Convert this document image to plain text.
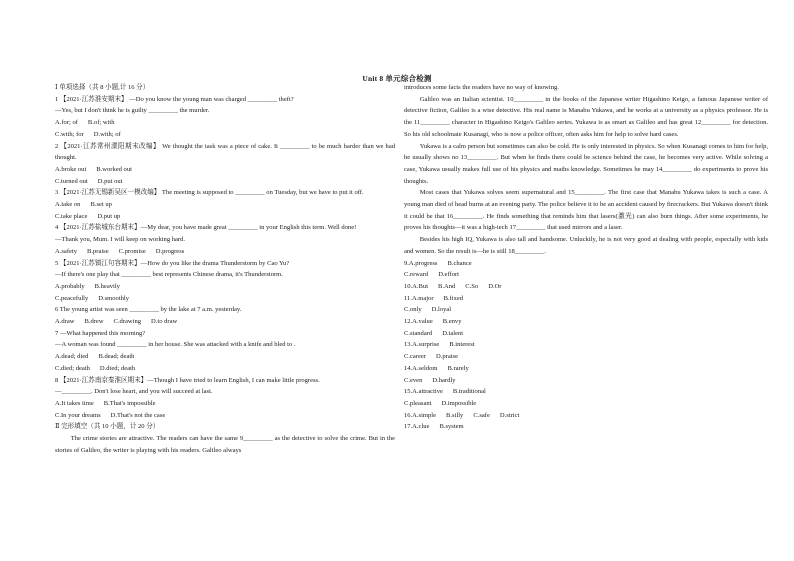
Unit 8 单元综合检测

Ⅰ 单项选择（共 8 小题,计 16 分）

1 【2021·江苏淮安期末】 —Do you know the young man was charged _________ theft?

—Yes, but I don't think he is guilty _________ the murder.

A.for; of B.of; with

C.with; for D.with; of

2 【2021·江苏常州溧阳期末改编】 We thought the task was a piece of cake. It _________ to be much harder than we had thought.

A.broke out B.worked out

C.turned out D.put out

3 【2021·江苏无锡新吴区一模改编】 The meeting is supposed to _________ on Tuesday, but we have to put it off.

A.take on B.set up

C.take place D.put up

4 【2021·江苏盐城东台期末】—My dear, you have made great _________ in your English this term. Well done!

—Thank you, Mum. I will keep on working hard.

A.safety B.praise C.promise D.progress

5 【2021·江苏镇江句容期末】—How do you like the drama Thunderstorm by Cao Yu?

—If there's one play that _________ best represents Chinese drama, it's Thunderstorm.

A.probably B.heavily

C.peacefully D.smoothly

6 The young artist was seen _________ by the lake at 7 a.m. yesterday.

A.draw B.drew C.drawing D.to draw

7 —What happened this morning?

—A woman was found _________ in her house. She was attacked with a knife and bled to .

A.dead; died B.dead; death

C.died; death D.died; death

8 【2021·江苏南京秦淮区期末】—Though I have tried to learn English, I can make little progress.

—_________. Don't lose heart, and you will succeed at last.

A.It takes time B.That's impossible

C.In your dreams D.That's not the case

Ⅱ 完形填空（共 10 小题，计 20 分）

The crime stories are attractive. The readers can have the same 9_________ as the detective to solve the crime. But in the stories of Galileo, the writer is playing with his readers. Galileo always

introduces some facts the readers have no way of knowing.

Galileo was an Italian scientist. 10_________ in the books of the Japanese writer Higashino Keigo, a famous Japanese writer of detective fiction, Galileo is a wise detective. His real name is Manabu Yukawa, and he works at a university as a physics professor. He is the 11_________ character in Higashino Keigo's Galileo series. Yukawa is as smart as Galileo and has great 12_________ for detection. So his old schoolmate Kusanagi, who is now a police officer, often asks him for help to solve hard cases.

Yukawa is a calm person but sometimes can also be cold. He is only interested in physics. So when Kusanagi comes to him for help, he usually shows no 13_________. But when he finds there could be science behind the case, he becomes very active. While solving a case, Yukawa usually makes full use of his physics and maths knowledge. Sometimes he may 14_________ do experiments to prove his thoughts.

Most cases that Yukawa solves seem supernatural and 15_________. The first case that Manabu Yukawa takes is such a case. A young man died of head burns at an evening party. The police believe it to be an accident caused by firecrackers. But Yukawa doesn't think it could be that 16_________. He finds something that reminds him that lasers(激光) can also burn things. After some experiments, he proves his thoughts—it was a high-tech 17_________ that used mirrors and a laser.

Besides his high IQ, Yukawa is also tall and handsome. Unluckily, he is not very good at dealing with people, especially with kids and women. So the result is—he is still 18_________.

9.A.progress B.chance

C.reward D.effort

10.A.But B.And C.So D.Or

11.A.major B.fixed

C.only D.loyal

12.A.value B.envy

C.standard D.talent

13.A.surprise B.interest

C.career D.praise

14.A.seldom B.rarely

C.even D.hardly

15.A.attractive B.traditional

C.pleasant D.impossible

16.A.simple B.silly C.safe D.strict

17.A.clue B.system
